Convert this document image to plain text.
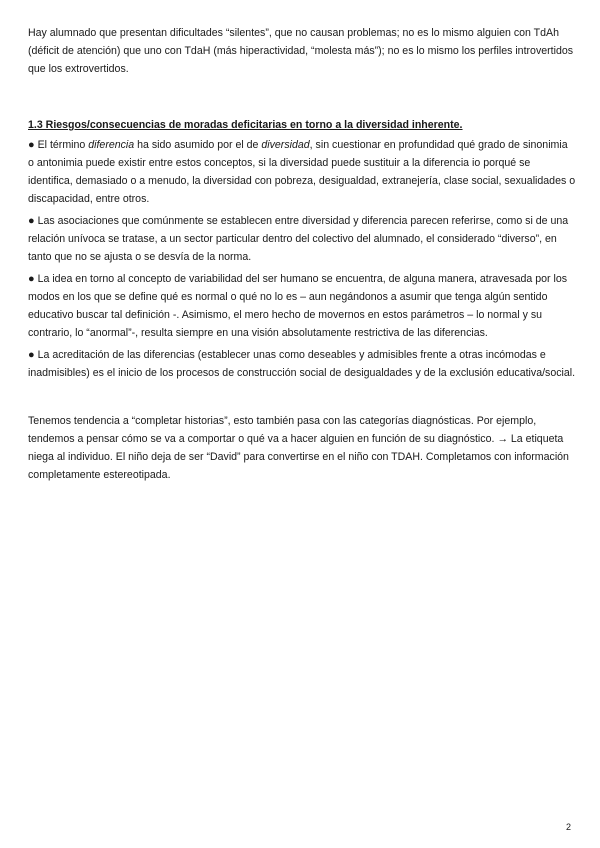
Hay alumnado que presentan dificultades “silentes”, que no causan problemas; no es lo mismo alguien con TdAh (déficit de atención) que uno con TdaH (más hiperactividad, “molesta más”); no es lo mismo los perfiles introvertidos que los extrovertidos.

1.3 Riesgos/consecuencias de moradas deficitarias en torno a la diversidad inherente.

● El término diferencia ha sido asumido por el de diversidad, sin cuestionar en profundidad qué grado de sinonimia o antonimia puede existir entre estos conceptos, si la diversidad puede sustituir a la diferencia io porqué se identifica, demasiado o a menudo, la diversidad con pobreza, desigualdad, extranejería, clase social, sexualidades o discapacidad, entre otros.

● Las asociaciones que comúnmente se establecen entre diversidad y diferencia parecen referirse, como si de una relación unívoca se tratase, a un sector particular dentro del colectivo del alumnado, el considerado “diverso”, en tanto que no se ajusta o se desvía de la norma.

● La idea en torno al concepto de variabilidad del ser humano se encuentra, de alguna manera, atravesada por los modos en los que se define qué es normal o qué no lo es – aun negándonos a asumir que tenga algún sentido educativo buscar tal definición -. Asimismo, el mero hecho de movernos en estos parámetros – lo normal y su contrario, lo “anormal”-, resulta siempre en una visión absolutamente restrictiva de las diferencias.

● La acreditación de las diferencias (establecer unas como deseables y admisibles frente a otras incómodas e inadmisibles) es el inicio de los procesos de construcción social de desigualdades y de la exclusión educativa/social.

Tenemos tendencia a “completar historias”, esto también pasa con las categorías diagnósticas. Por ejemplo, tendemos a pensar cómo se va a comportar o qué va a hacer alguien en función de su diagnóstico. → La etiqueta niega al individuo. El niño deja de ser “David” para convertirse en el niño con TDAH. Completamos con información completamente estereotipada.

2
